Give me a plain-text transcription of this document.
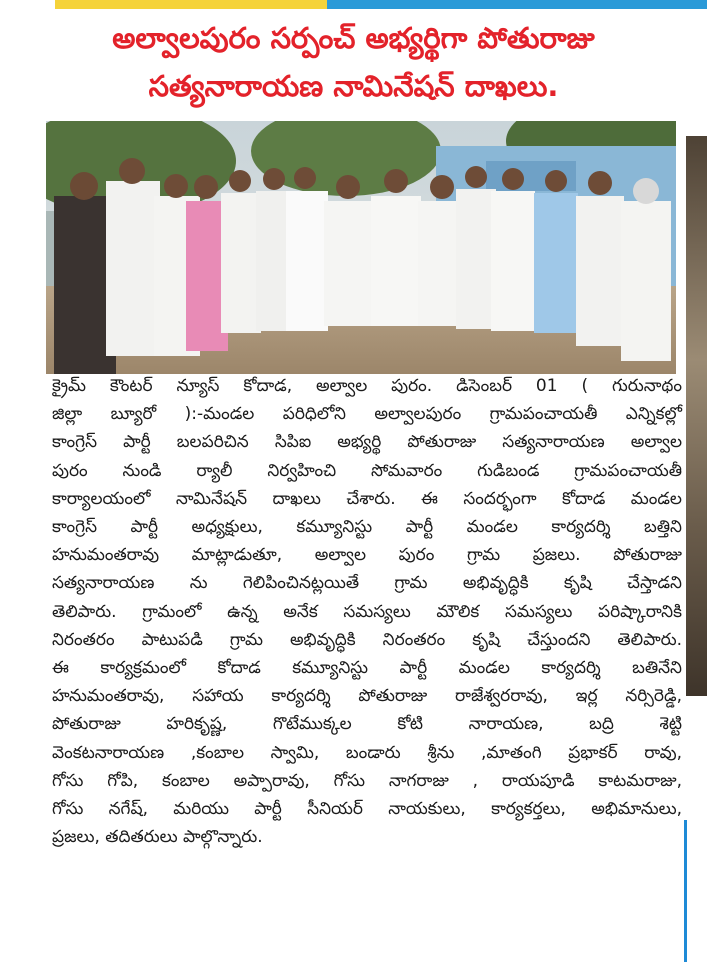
అల్వాలపురం సర్పంచ్ అభ్యర్థిగా పోతురాజు
సత్యనారాయణ నామినేషన్ దాఖలు.

క్రైమ్ కౌంటర్ న్యూస్ కోదాడ, అల్వాల పురం. డిసెంబర్ 01 ( గురునాథం

జిల్లా బ్యూరో ):-మండల పరిధిలోని అల్వాలపురం గ్రామపంచాయతీ ఎన్నికల్లో

కాంగ్రెస్ పార్టీ బలపరిచిన సిపిఐ అభ్యర్థి పోతురాజు సత్యనారాయణ అల్వాల

పురం నుండి ర్యాలీ నిర్వహించి సోమవారం గుడిబండ గ్రామపంచాయతీ

కార్యాలయంలో నామినేషన్ దాఖలు చేశారు. ఈ సందర్భంగా కోదాడ మండల

కాంగ్రెస్ పార్టీ అధ్యక్షులు, కమ్యూనిస్టు పార్టీ మండల కార్యదర్శి బత్తిని

హనుమంతరావు మాట్లాడుతూ, అల్వాల పురం గ్రామ ప్రజలు. పోతురాజు

సత్యనారాయణ ను గెలిపించినట్లయితే గ్రామ అభివృద్ధికి కృషి చేస్తాడని

తెలిపారు. గ్రామంలో ఉన్న అనేక సమస్యలు మౌలిక సమస్యలు పరిష్కారానికి

నిరంతరం పాటుపడి గ్రామ అభివృద్ధికి నిరంతరం కృషి చేస్తుందని తెలిపారు.

ఈ కార్యక్రమంలో కోదాడ కమ్యూనిస్టు పార్టీ మండల కార్యదర్శి బతినేని

హనుమంతరావు, సహాయ కార్యదర్శి పోతురాజు రాజేశ్వరరావు, ఇర్ల నర్సిరెడ్డి,

పోతురాజు హరికృష్ణ, గొటేముక్కల కోటి నారాయణ, బద్రి శెట్టి

వెంకటనారాయణ ,కంబాల స్వామి, బండారు శ్రీను ,మాతంగి ప్రభాకర్ రావు,

గోసు గోపి, కంబాల అప్పారావు, గోసు నాగరాజు , రాయపూడి కాటమరాజు,

గోసు నగేష్, మరియు పార్టీ సీనియర్ నాయకులు, కార్యకర్తలు, అభిమానులు,

ప్రజలు, తదితరులు పాల్గొన్నారు.
